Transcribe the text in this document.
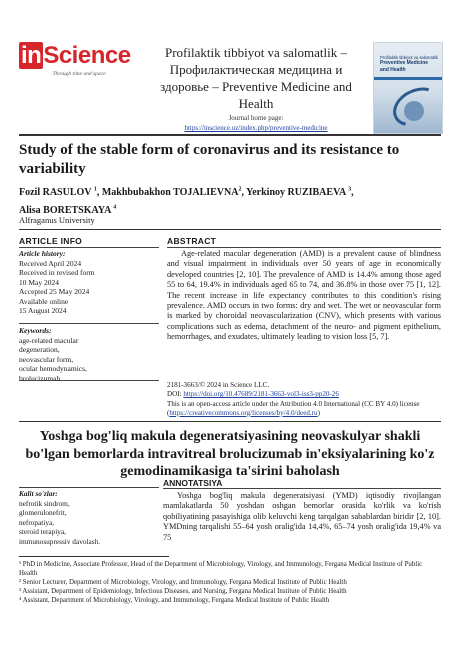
inScience
Through time and space
Profilaktik tibbiyot va salomatlik – Профилактическая медицина и здоровье – Preventive Medicine and Health
Journal home page:
https://inscience.uz/index.php/preventive-medicine
Profilaktik tibbiyot va salomatlik
Preventive Medicine and Health
Study of the stable form of coronavirus and its resistance to variability
Fozil RASULOV $^1$, Makhbubakhon TOJALIEVNA$^2$, Yerkinoy RUZIBAEVA $^3$,
Alisa BORETSKAYA $^4$
Alfraganus University
ARTICLE INFO	ABSTRACT
Article history:
Received April 2024
Received in revised form
10 May 2024
Accepted 25 May 2024
Available online
15 August 2024
Keywords:
age-related macular
degeneration,
neovascular form,
ocular hemodynamics,
brolucizumab.

Age-related macular degeneration (AMD) is a prevalent cause of blindness and visual impairment in individuals over 50 years of age in economically developed countries [2, 10]. The prevalence of AMD is 14.4% among those aged 55 to 64, 19.4% in individuals aged 65 to 74, and 36.8% in those over 75 [1, 12]. The recent increase in life expectancy contributes to this condition's rising prevalence. AMD occurs in two forms: dry and wet. The wet or neovascular form is marked by choroidal neovascularization (CNV), which presents with various complications such as edema, detachment of the neuro- and pigment epithelium, hemorrhages, and exudates, ultimately leading to vision loss [5, 7].

2181-3663/© 2024 in Science LLC.
DOI: https://doi.org/10.47689/2181-3663-vol3-iss3-pp20-26
This is an open-access article under the Attribution 4.0 International (CC BY 4.0) license (https://creativecommons.org/licenses/by/4.0/deed.ru)
Yoshga bog'liq makula degeneratsiyasining neovaskulyar shakli bo'lgan bemorlarda intravitreal brolucizumab in'eksiyalarining ko'z gemodinamikasiga ta'sirini baholash
ANNOTATSIYA
Kalit so'zlar:
nefrotik sindrom,
glomerulonefrit,
nefropatiya,
steroid terapiya,
immunosupressiv davolash.

Yoshga bog'liq makula degeneratsiyasi (YMD) iqtisodiy rivojlangan mamlakatlarda 50 yoshdan oshgan bemorlar orasida ko'rlik va ko'rish qobiliyatining pasayishiga olib keluvchi keng tarqalgan sabablardan biridir [2, 10]. YMDning tarqalishi 55–64 yosh oralig'ida 14,4%, 65–74 yosh oralig'ida 19,4% va 75

¹ PhD in Medicine, Associate Professor, Head of the Department of Microbiology, Virology, and Immunology, Fergana Medical Institute of Public Health
² Senior Lecturer, Department of Microbiology, Virology, and Immunology, Fergana Medical Institute of Public Health
³ Assistant, Department of Epidemiology, Infectious Diseases, and Nursing, Fergana Medical Institute of Public Health
⁴ Assistant, Department of Microbiology, Virology, and Immunology, Fergana Medical Institute of Public Health
